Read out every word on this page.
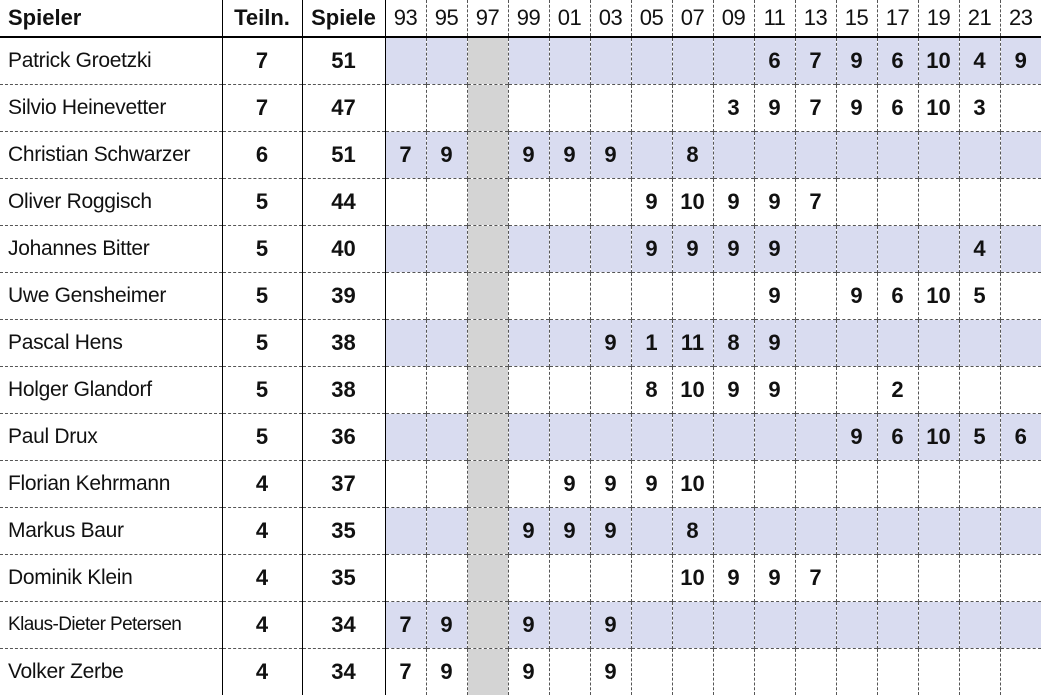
Spieler	Teiln.	Spiele	93	95	97	99	01	03	05	07	09	11	13	15	17	19	21	23
Patrick Groetzki	7	51										6	7	9	6	10	4	9
Silvio Heinevetter	7	47									3	9	7	9	6	10	3	
Christian Schwarzer	6	51	7	9		9	9	9		8								
Oliver Roggisch	5	44							9	10	9	9	7					
Johannes Bitter	5	40							9	9	9	9					4	
Uwe Gensheimer	5	39										9		9	6	10	5	
Pascal Hens	5	38						9	1	11	8	9						
Holger Glandorf	5	38							8	10	9	9			2			
Paul Drux	5	36												9	6	10	5	6
Florian Kehrmann	4	37					9	9	9	10								
Markus Baur	4	35				9	9	9		8								
Dominik Klein	4	35								10	9	9	7					
Klaus-Dieter Petersen	4	34	7	9		9		9										
Volker Zerbe	4	34	7	9		9		9										
